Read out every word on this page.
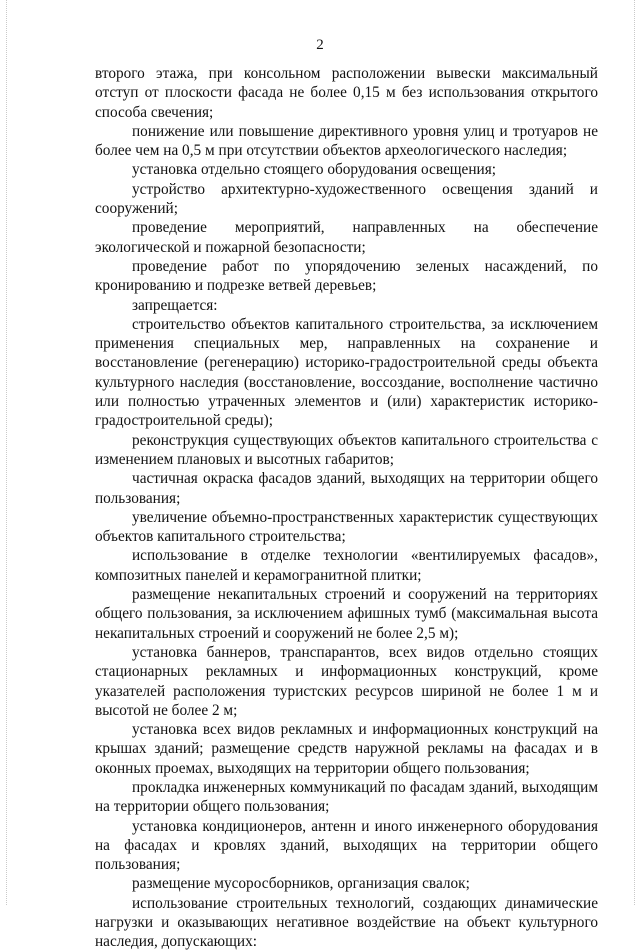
2

второго этажа, при консольном расположении вывески максимальный отступ от плоскости фасада не более 0,15 м без использования открытого способа свечения;

понижение или повышение директивного уровня улиц и тротуаров не более чем на 0,5 м при отсутствии объектов археологического наследия;

установка отдельно стоящего оборудования освещения;

устройство архитектурно-художественного освещения зданий и сооружений;

проведение мероприятий, направленных на обеспечение экологической и пожарной безопасности;

проведение работ по упорядочению зеленых насаждений, по кронированию и подрезке ветвей деревьев;

запрещается:

строительство объектов капитального строительства, за исключением применения специальных мер, направленных на сохранение и восстановление (регенерацию) историко-градостроительной среды объекта культурного наследия (восстановление, воссоздание, восполнение частично или полностью утраченных элементов и (или) характеристик историко-градостроительной среды);

реконструкция существующих объектов капитального строительства с изменением плановых и высотных габаритов;

частичная окраска фасадов зданий, выходящих на территории общего пользования;

увеличение объемно-пространственных характеристик существующих объектов капитального строительства;

использование в отделке технологии «вентилируемых фасадов», композитных панелей и керамогранитной плитки;

размещение некапитальных строений и сооружений на территориях общего пользования, за исключением афишных тумб (максимальная высота некапитальных строений и сооружений не более 2,5 м);

установка баннеров, транспарантов, всех видов отдельно стоящих стационарных рекламных и информационных конструкций, кроме указателей расположения туристских ресурсов шириной не более 1 м и высотой не более 2 м;

установка всех видов рекламных и информационных конструкций на крышах зданий; размещение средств наружной рекламы на фасадах и в оконных проемах, выходящих на территории общего пользования;

прокладка инженерных коммуникаций по фасадам зданий, выходящим на территории общего пользования;

установка кондиционеров, антенн и иного инженерного оборудования на фасадах и кровлях зданий, выходящих на территории общего пользования;

размещение мусоросборников, организация свалок;

использование строительных технологий, создающих динамические нагрузки и оказывающих негативное воздействие на объект культурного наследия, допускающих:
